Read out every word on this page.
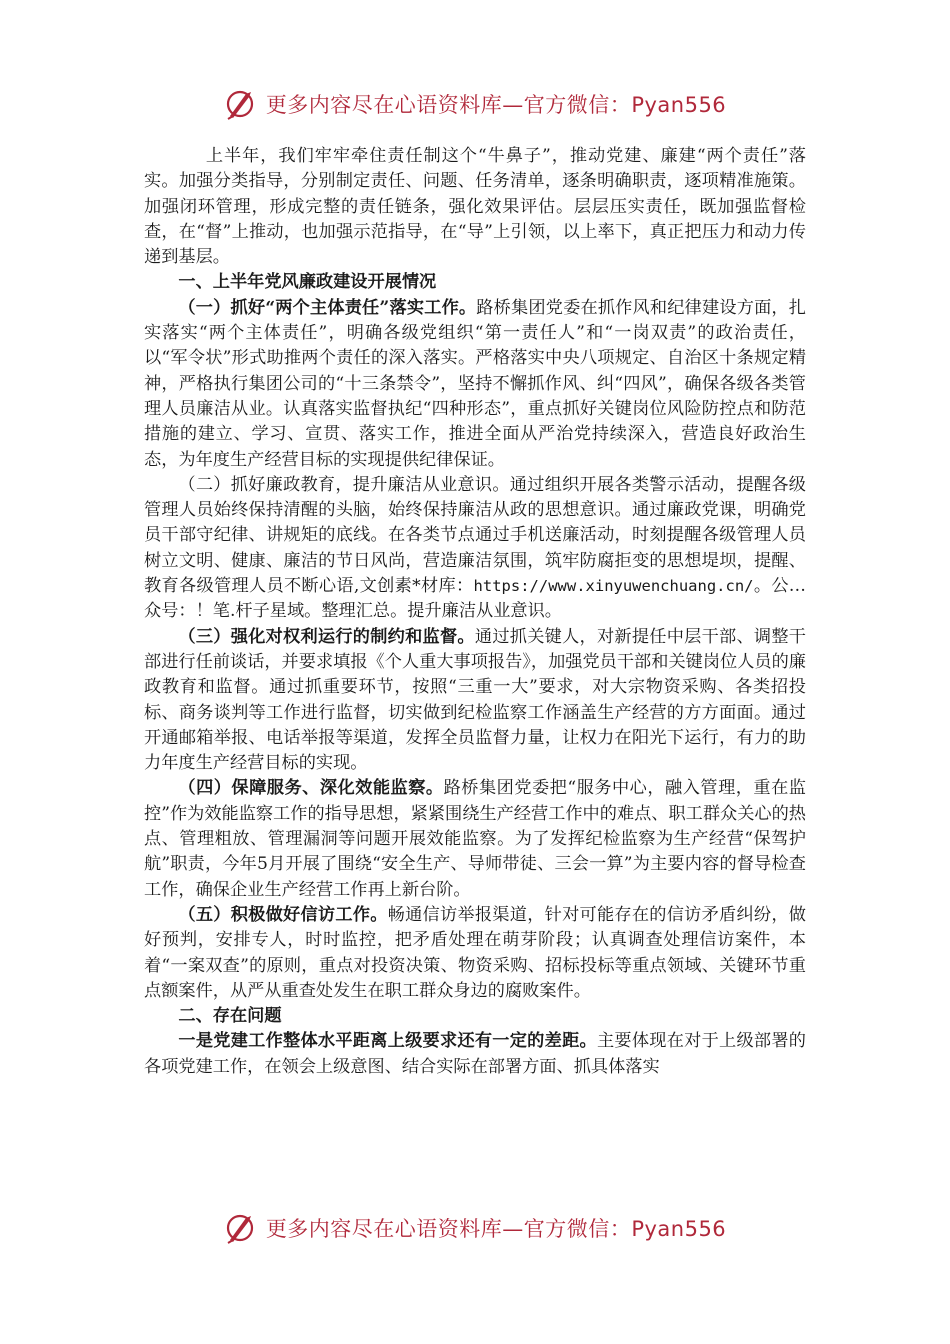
更多内容尽在心语资料库—官方微信：Pyan556

上半年，我们牢牢牵住责任制这个“牛鼻子”，推动党建、廉建“两个责任”落实。加强分类指导，分别制定责任、问题、任务清单，逐条明确职责，逐项精准施策。加强闭环管理，形成完整的责任链条，强化效果评估。层层压实责任，既加强监督检查，在“督”上推动，也加强示范指导，在“导”上引领，以上率下，真正把压力和动力传递到基层。

一、上半年党风廉政建设开展情况

（一）抓好“两个主体责任”落实工作。路桥集团党委在抓作风和纪律建设方面，扎实落实“两个主体责任”，明确各级党组织“第一责任人”和“一岗双责”的政治责任，以“军令状”形式助推两个责任的深入落实。严格落实中央八项规定、自治区十条规定精神，严格执行集团公司的“十三条禁令”，坚持不懈抓作风、纠“四风”，确保各级各类管理人员廉洁从业。认真落实监督执纪“四种形态”，重点抓好关键岗位风险防控点和防范措施的建立、学习、宣贯、落实工作，推进全面从严治党持续深入，营造良好政治生态，为年度生产经营目标的实现提供纪律保证。

（二）抓好廉政教育，提升廉洁从业意识。通过组织开展各类警示活动，提醒各级管理人员始终保持清醒的头脑，始终保持廉洁从政的思想意识。通过廉政党课，明确党员干部守纪律、讲规矩的底线。在各类节点通过手机送廉活动，时刻提醒各级管理人员树立文明、健康、廉洁的节日风尚，营造廉洁氛围，筑牢防腐拒变的思想堤坝，提醒、教育各级管理人员不断心语,文创素*材库：https://www.xinyuwenchuang.cn/。公…众号：！笔.杆子星域。整理汇总。提升廉洁从业意识。

（三）强化对权利运行的制约和监督。通过抓关键人，对新提任中层干部、调整干部进行任前谈话，并要求填报《个人重大事项报告》，加强党员干部和关键岗位人员的廉政教育和监督。通过抓重要环节，按照“三重一大”要求，对大宗物资采购、各类招投标、商务谈判等工作进行监督，切实做到纪检监察工作涵盖生产经营的方方面面。通过开通邮箱举报、电话举报等渠道，发挥全员监督力量，让权力在阳光下运行，有力的助力年度生产经营目标的实现。

（四）保障服务、深化效能监察。路桥集团党委把“服务中心，融入管理，重在监控”作为效能监察工作的指导思想，紧紧围绕生产经营工作中的难点、职工群众关心的热点、管理粗放、管理漏洞等问题开展效能监察。为了发挥纪检监察为生产经营“保驾护航”职责，今年5月开展了围绕“安全生产、导师带徒、三会一算”为主要内容的督导检查工作，确保企业生产经营工作再上新台阶。

（五）积极做好信访工作。畅通信访举报渠道，针对可能存在的信访矛盾纠纷，做好预判，安排专人，时时监控，把矛盾处理在萌芽阶段；认真调查处理信访案件，本着“一案双查”的原则，重点对投资决策、物资采购、招标投标等重点领域、关键环节重点额案件，从严从重查处发生在职工群众身边的腐败案件。

二、存在问题

一是党建工作整体水平距离上级要求还有一定的差距。主要体现在对于上级部署的各项党建工作，在领会上级意图、结合实际在部署方面、抓具体落实

更多内容尽在心语资料库—官方微信：Pyan556
